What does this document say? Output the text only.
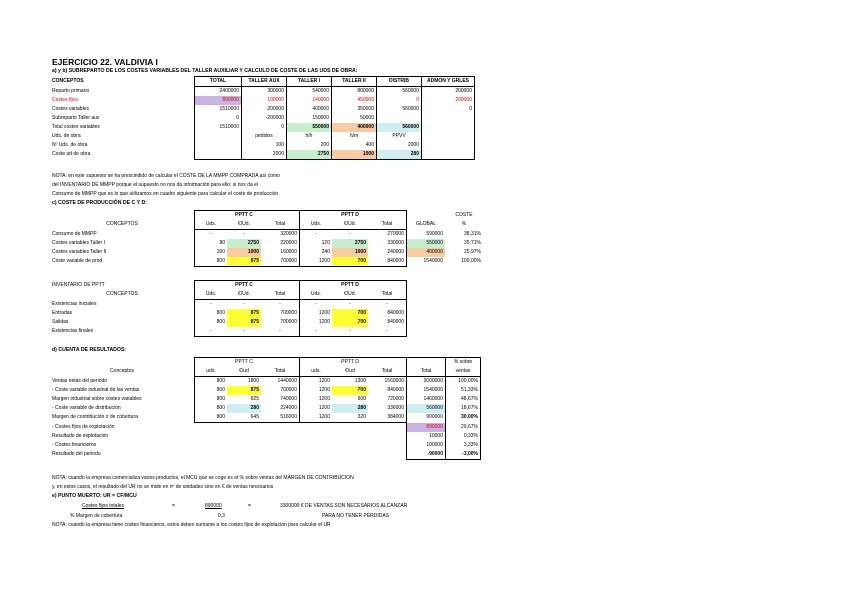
EJERCICIO 22. VALDIVIA I
a) y b) SUBREPARTO DE LOS COSTES VARIABLES DEL TALLER AUXILIAR Y CALCULO DE COSTE DE LAS UDS DE OBRA:
CONCEPTOS	TOTAL	TALLER AUX	TALLER I	TALLER II	DISTRIB	ADMON Y GRLES
Reparto primario	2400000	300000	540000	800000	560000	200000
Costes fijos	890000	100000	140000	450000	0	200000
Costes variables	1510000	200000	400000	350000	560000	0
Subreparto Taller aux	0	-200000	150000	50000		
Total costes variables	1510000	0	550000	400000	560000	
Uds. de obra		pedidos	h/h	h/m	PPVV	
Nº Uds. de obra		100	200	400	2000	
Coste ud de obra		2000	2750	1000	280	
NOTA: en este supuesto se ha prescindido de calcular el COSTE DE LA MMPP COMPRADA así como
del INVENTARIO DE MMPP porque el supuesto no nos da información para ello; si nos da el
Consumo de MMPP que es lo que utilizamos en cuadro siguiente para calcular el coste de producción
c) COSTE DE PRODUCCIÓN DE C Y D:
		PPTT C			PPTT D			COSTE	
CONCEPTOS	Uds.	€/Ud.	Total	Uds.	€/Ud.	Total	GLOBAL	%	
Consumo de MMPP	-	-	320000	-	-	270000	590000	38,31%	
Costes variables Taller I	80	2750	220000	120	2750	330000	550000	35,71%	
Costes variables Taller II	160	1000	160000	240	1000	240000	400000	25,97%	
Coste variable de prod	800	875	700000	1200	700	840000	1540000	100,00%	
INVENTARIO DE PPTT		PPTT C			PPTT D	
CONCEPTOS	Uds.	€/Ud.	Total	Uds.	€/Ud.	Total
Existencias iniciales	-	-	-	-	-	-
Entradas	800	875	700000	1200	700	840000
Salidas	800	875	700000	1200	700	840000
Existencias finales	-	-	-	-	-	-
d) CUENTA DE RESULTADOS:
		PPTT C			PPTT D			% sobre
Conceptos	uds.	€/ud	Total	uds.	€/ud	Total	Total	ventas
Ventas netas del periodo	800	1800	1440000	1200	1300	1560000	3000000	100,00%
- Coste variable industrial de las ventas	800	875	700000	1200	700	840000	1540000	51,33%
Margen industrial sobre costes variables	800	925	740000	1200	600	720000	1460000	48,67%
- Coste variable de distribución	800	280	224000	1200	280	336000	560000	18,67%
Margen de contribución o de cobertura	800	645	516000	1200	320	384000	900000	30,00%
- Costes fijos de explotación							890000	29,67%
Resultado de explotación							10000	0,33%
- Costes financieros							100000	3,33%
Resultado del periodo							-90000	-3,00%
NOTA: cuando la empresa comercializa varios productos, el MCU que se coge es el % sobre ventas del MARGEN DE CONTRIBUCION
y, en estos casos, el resultado del UR no se mide en nº de unidades sino en € de ventas necesarios
e) PUNTO MUERTO: UR = CF/MCU
Costes fijos totales	=	890000	=	3300000 € DE VENTAS SON NECESARIOS ALCANZAR
% Margen de cobertura	0,3	PARA NO TENER PÉRDIDAS
NOTA: cuando la empresa tiene costes financieros, estos deben sumarse a los costes fijos de explotación para calcular el UR
